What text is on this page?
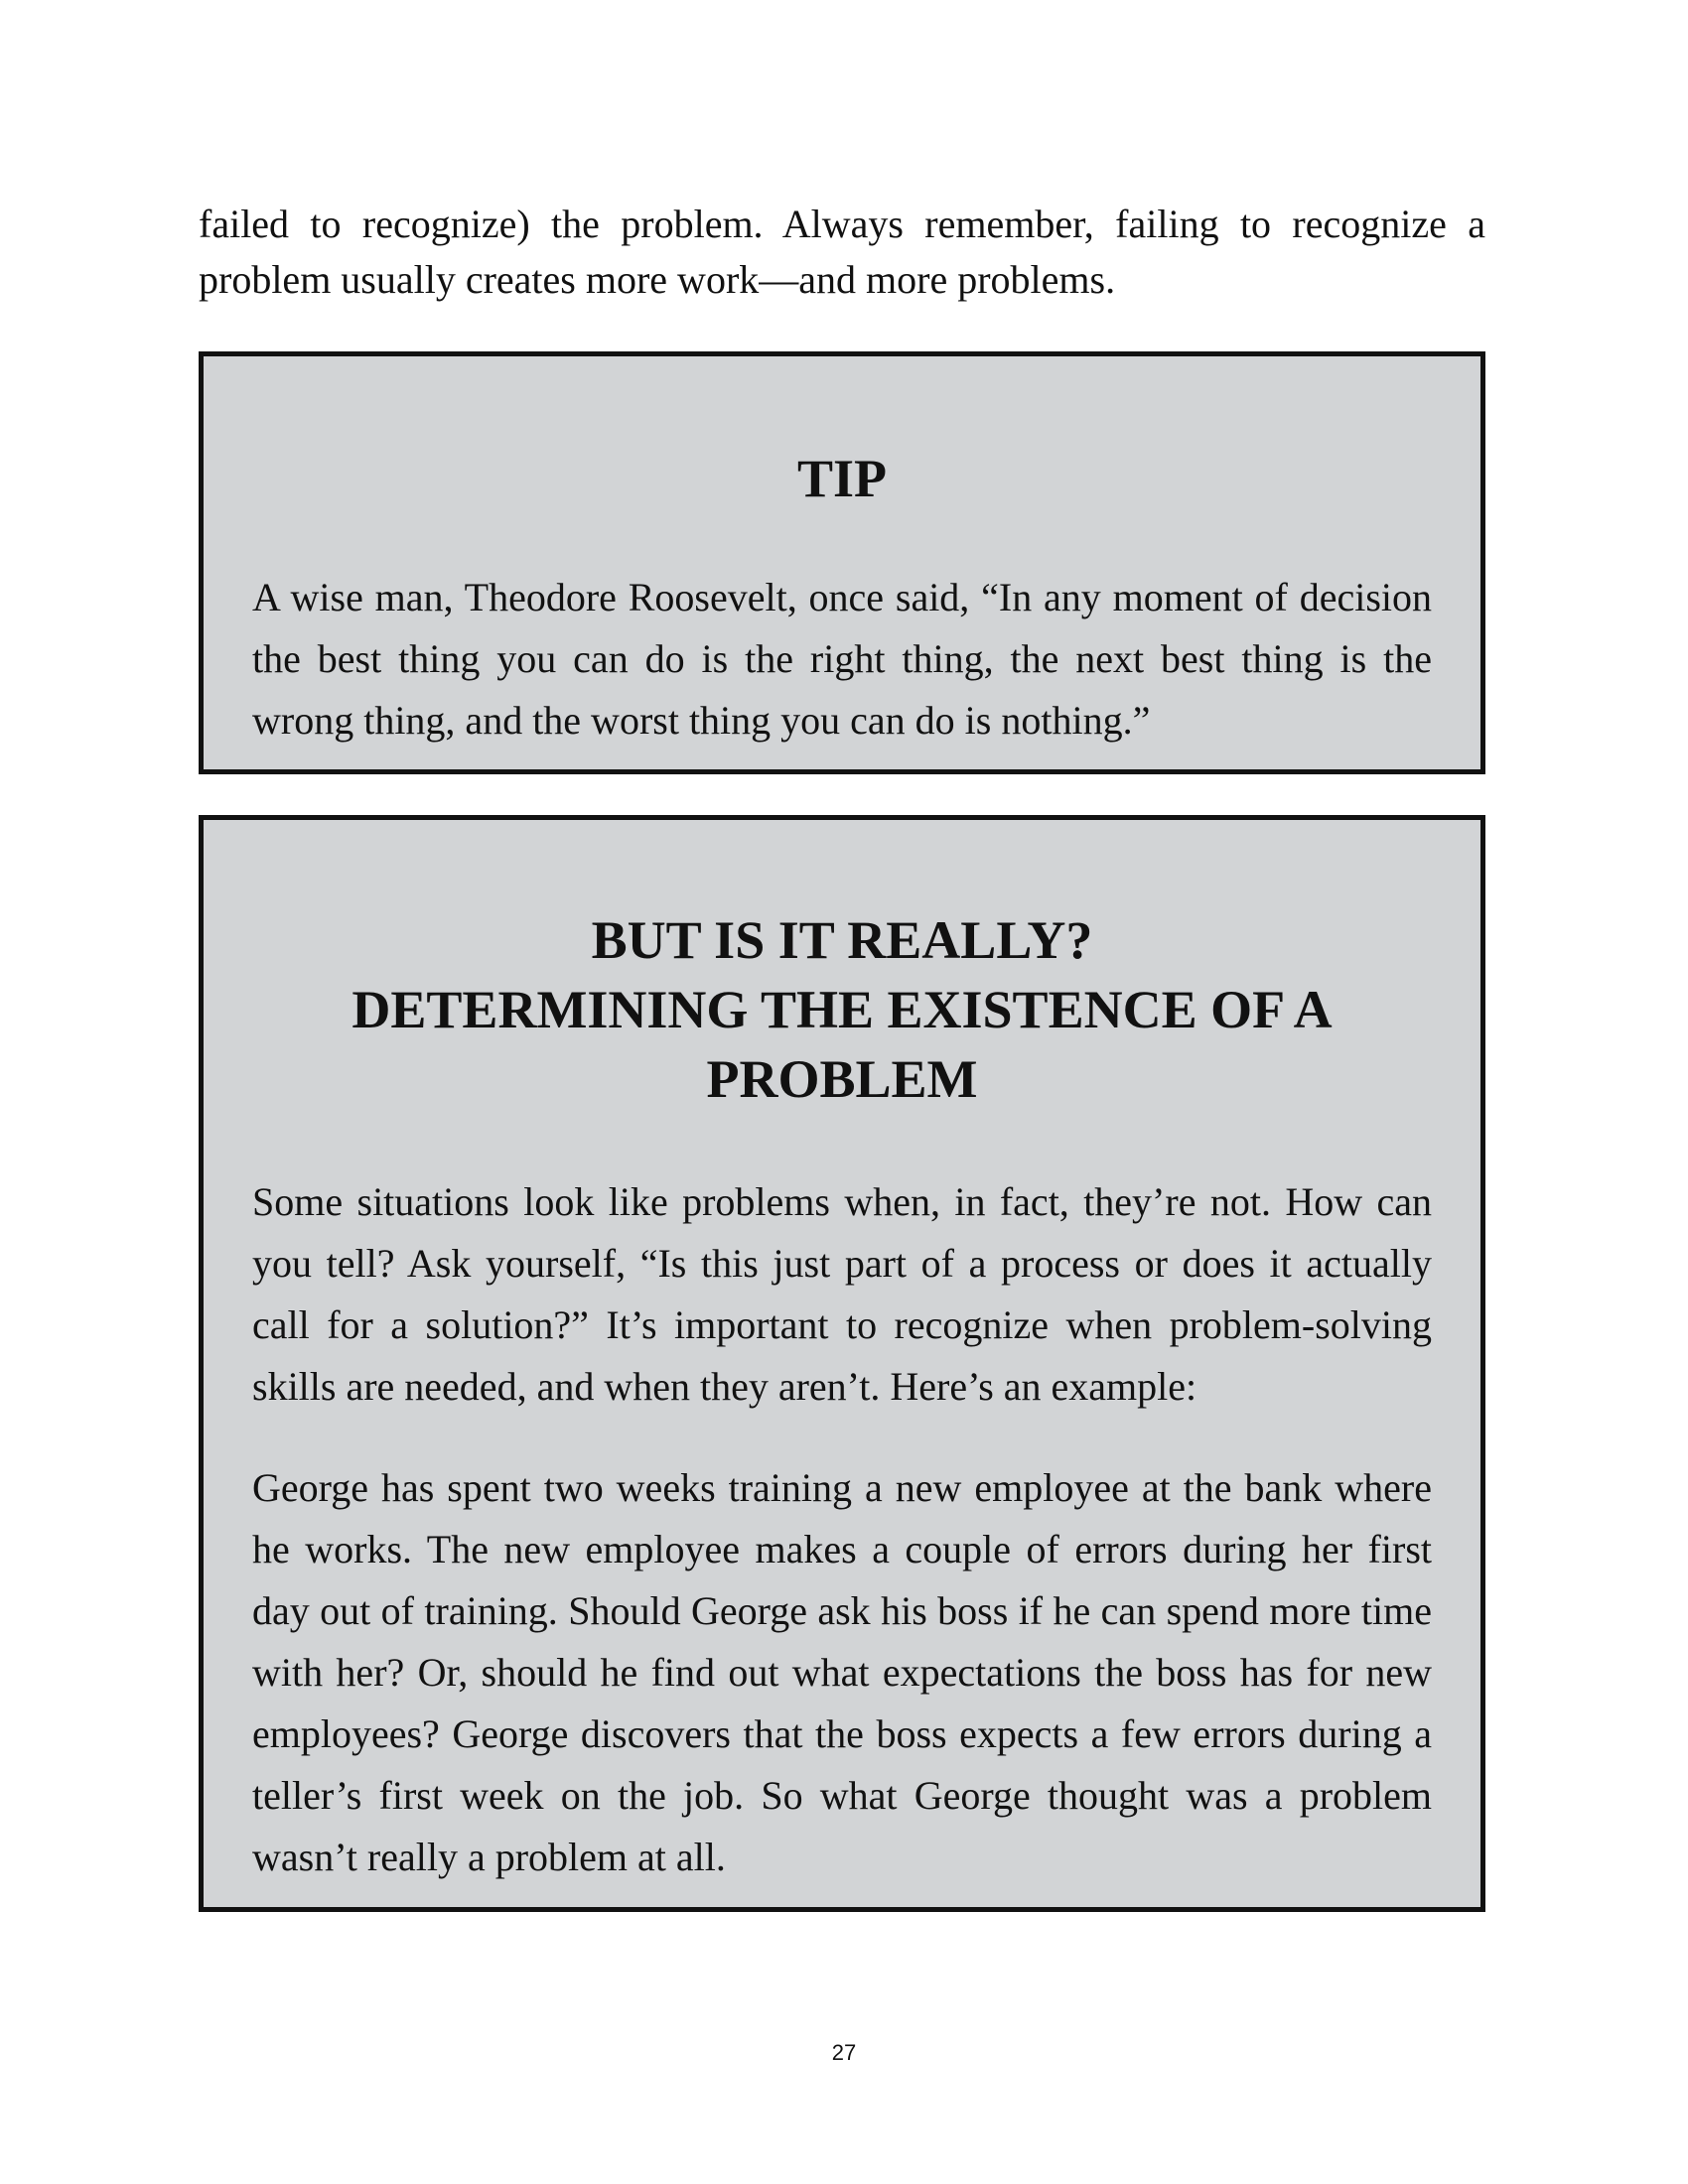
failed to recognize) the problem. Always remember, failing to recognize a problem usually creates more work—and more problems.

TIP

A wise man, Theodore Roosevelt, once said, “In any moment of decision the best thing you can do is the right thing, the next best thing is the wrong thing, and the worst thing you can do is nothing.”

BUT IS IT REALLY?
DETERMINING THE EXISTENCE OF A
PROBLEM

Some situations look like problems when, in fact, they’re not. How can you tell? Ask yourself, “Is this just part of a process or does it actually call for a solution?” It’s important to recognize when problem-solving skills are needed, and when they aren’t. Here’s an example:

George has spent two weeks training a new employee at the bank where he works. The new employee makes a couple of errors during her first day out of training. Should George ask his boss if he can spend more time with her? Or, should he find out what expectations the boss has for new employees? George discovers that the boss expects a few errors during a teller’s first week on the job. So what George thought was a problem wasn’t really a problem at all.

27
